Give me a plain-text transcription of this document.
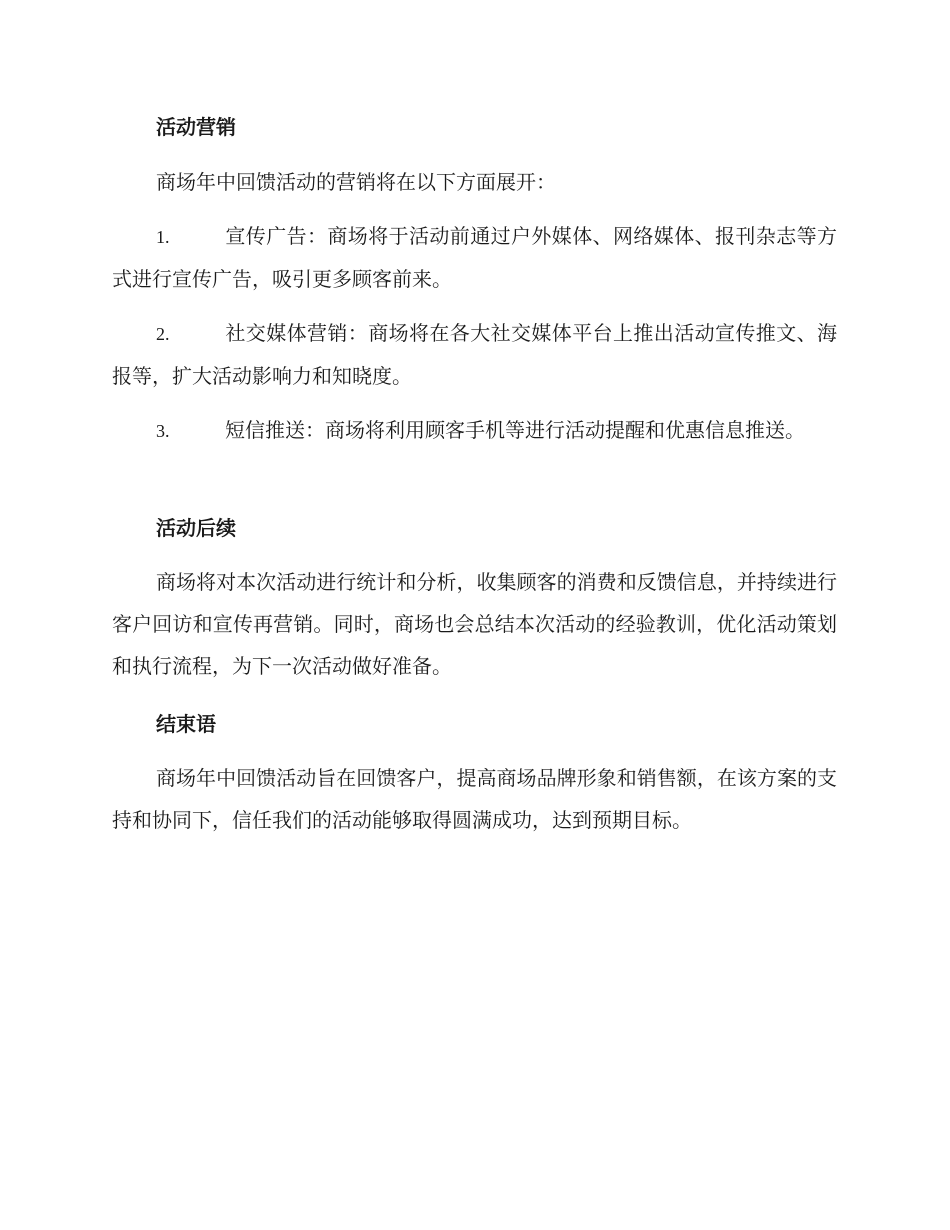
活动营销

商场年中回馈活动的营销将在以下方面展开：

1.	宣传广告：商场将于活动前通过户外媒体、网络媒体、报刊杂志等方式进行宣传广告，吸引更多顾客前来。

2.	社交媒体营销：商场将在各大社交媒体平台上推出活动宣传推文、海报等，扩大活动影响力和知晓度。

3.	短信推送：商场将利用顾客手机等进行活动提醒和优惠信息推送。

活动后续

商场将对本次活动进行统计和分析，收集顾客的消费和反馈信息，并持续进行客户回访和宣传再营销。同时，商场也会总结本次活动的经验教训，优化活动策划和执行流程，为下一次活动做好准备。

结束语

商场年中回馈活动旨在回馈客户，提高商场品牌形象和销售额，在该方案的支持和协同下，信任我们的活动能够取得圆满成功，达到预期目标。
